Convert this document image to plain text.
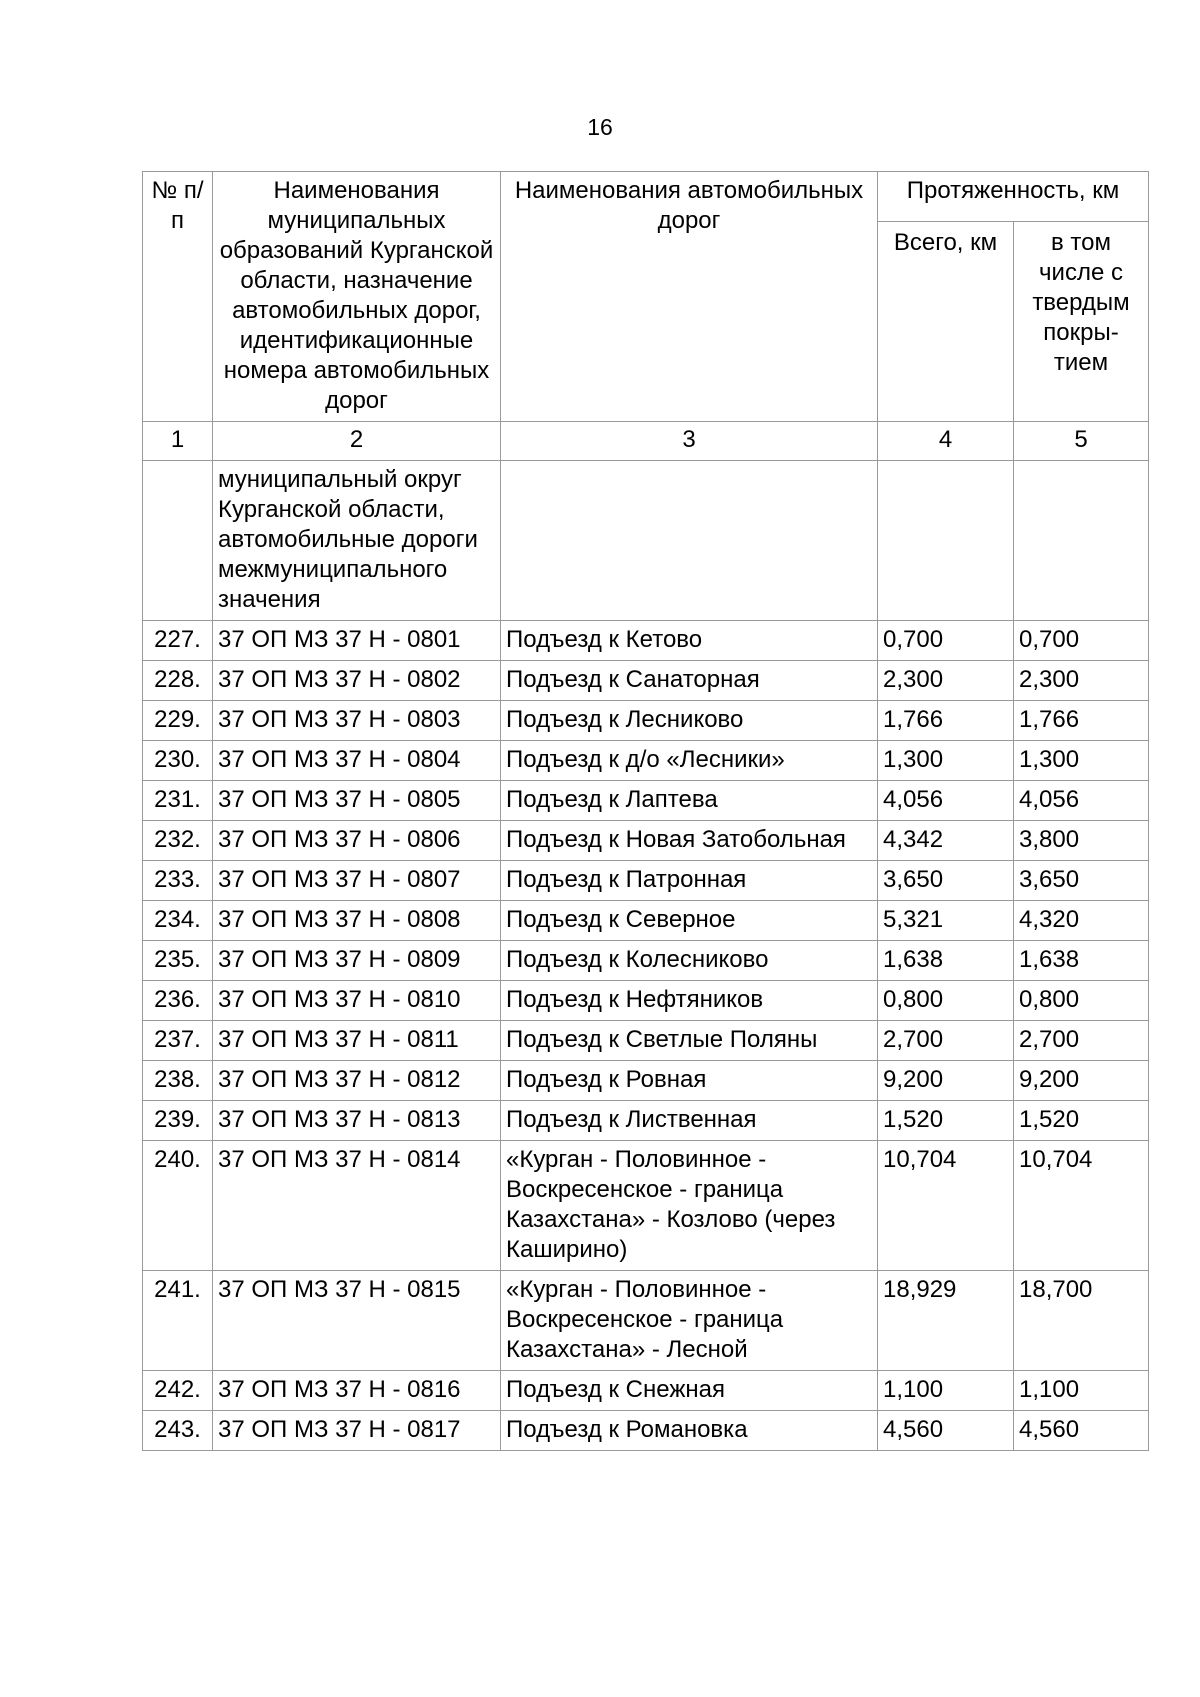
16
№ п/п	Наименования муниципальных образований Курганской области, назначение автомобильных дорог, идентификационные номера автомобильных дорог	Наименования автомобильных дорог	Протяженность, км	
			Всего, км	в том числе с твердым покры-тием
1	2	3	4	5
	муниципальный округ Курганской области, автомобильные дороги межмуниципального значения			
227.	37 ОП МЗ 37 Н - 0801	Подъезд к Кетово	0,700	0,700
228.	37 ОП МЗ 37 Н - 0802	Подъезд к Санаторная	2,300	2,300
229.	37 ОП МЗ 37 Н - 0803	Подъезд к Лесниково	1,766	1,766
230.	37 ОП МЗ 37 Н - 0804	Подъезд к д/о «Лесники»	1,300	1,300
231.	37 ОП МЗ 37 Н - 0805	Подъезд к Лаптева	4,056	4,056
232.	37 ОП МЗ 37 Н - 0806	Подъезд к Новая Затобольная	4,342	3,800
233.	37 ОП МЗ 37 Н - 0807	Подъезд к Патронная	3,650	3,650
234.	37 ОП МЗ 37 Н - 0808	Подъезд к Северное	5,321	4,320
235.	37 ОП МЗ 37 Н - 0809	Подъезд к Колесниково	1,638	1,638
236.	37 ОП МЗ 37 Н - 0810	Подъезд к Нефтяников	0,800	0,800
237.	37 ОП МЗ 37 Н - 0811	Подъезд к Светлые Поляны	2,700	2,700
238.	37 ОП МЗ 37 Н - 0812	Подъезд к Ровная	9,200	9,200
239.	37 ОП МЗ 37 Н - 0813	Подъезд к Лиственная	1,520	1,520
240.	37 ОП МЗ 37 Н - 0814	«Курган - Половинное - Воскресенское - граница Казахстана» - Козлово (через Каширино)	10,704	10,704
241.	37 ОП МЗ 37 Н - 0815	«Курган - Половинное - Воскресенское - граница Казахстана» - Лесной	18,929	18,700
242.	37 ОП МЗ 37 Н - 0816	Подъезд к Снежная	1,100	1,100
243.	37 ОП МЗ 37 Н - 0817	Подъезд к Романовка	4,560	4,560
